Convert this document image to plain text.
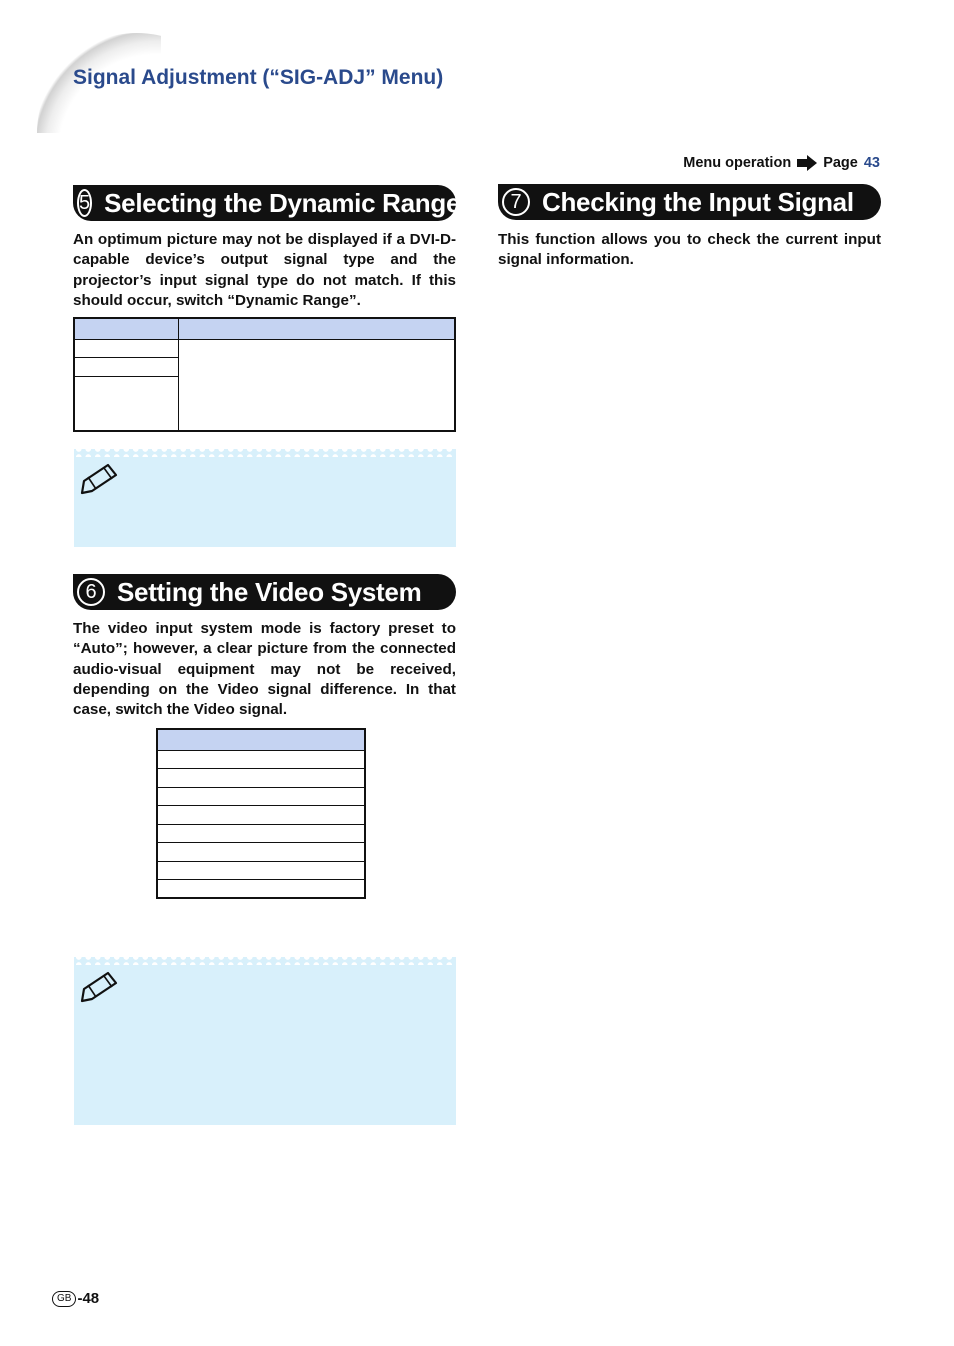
Signal Adjustment (“SIG-ADJ” Menu)
Menu operation Page 43
5 Selecting the Dynamic Range

An optimum picture may not be displayed if a DVI-D-capable device’s output signal type and the projector’s input signal type do not match. If this should occur, switch “Dynamic Range”.

6 Setting the Video System

The video input system mode is factory preset to “Auto”; however, a clear picture from the connected audio-visual equipment may not be received, depending on the Video signal difference. In that case, switch the Video signal.

7 Checking the Input Signal

This function allows you to check the current input signal information.

GB -48
